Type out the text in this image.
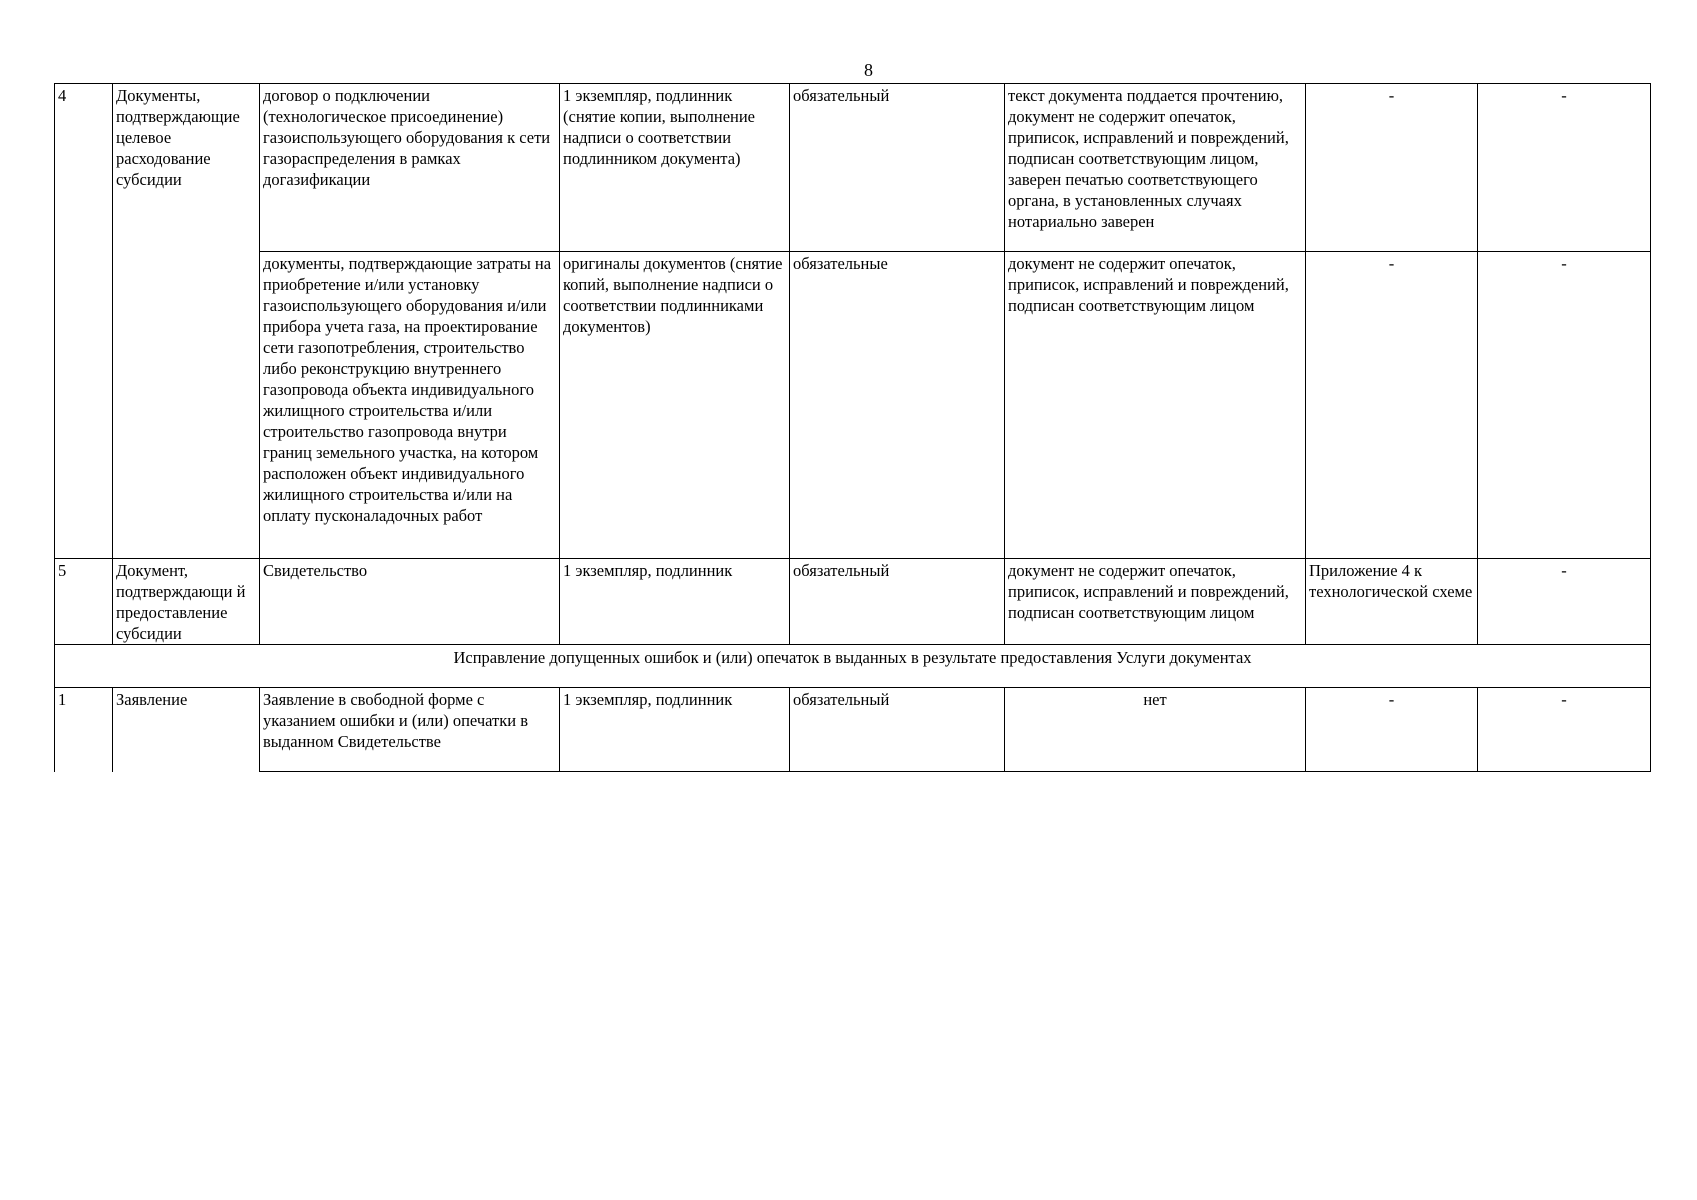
8
4	Документы, подтверждающие целевое расходование субсидии	договор о подключении (технологическое присоединение) газоиспользующего оборудования к сети газораспределения в рамках догазификации	1 экземпляр, подлинник (снятие копии, выполнение надписи о соответствии подлинником документа)	обязательный	текст документа поддается прочтению, документ не содержит опечаток, приписок, исправлений и повреждений, подписан соответствующим лицом, заверен печатью соответствующего органа, в установленных случаях нотариально заверен	-	-
		документы, подтверждающие затраты на приобретение и/или установку газоиспользующего оборудования и/или прибора учета газа, на проектирование сети газопотребления, строительство либо реконструкцию внутреннего газопровода объекта индивидуального жилищного строительства и/или строительство газопровода внутри границ земельного участка, на котором расположен объект индивидуального жилищного строительства и/или на оплату пусконаладочных работ	оригиналы документов (снятие копий, выполнение надписи о соответствии подлинниками документов)	обязательные	документ не содержит опечаток, приписок, исправлений и повреждений, подписан соответствующим лицом	-	-
5	Документ, подтверждающи й предоставление субсидии	Свидетельство	1 экземпляр, подлинник	обязательный	документ не содержит опечаток, приписок, исправлений и повреждений, подписан соответствующим лицом	Приложение 4 к технологической схеме	-
Исправление допущенных ошибок и (или) опечаток в выданных в результате предоставления Услуги документах							
1	Заявление	Заявление в свободной форме с указанием ошибки и (или) опечатки в выданном Свидетельстве	1 экземпляр, подлинник	обязательный	нет	-	-
